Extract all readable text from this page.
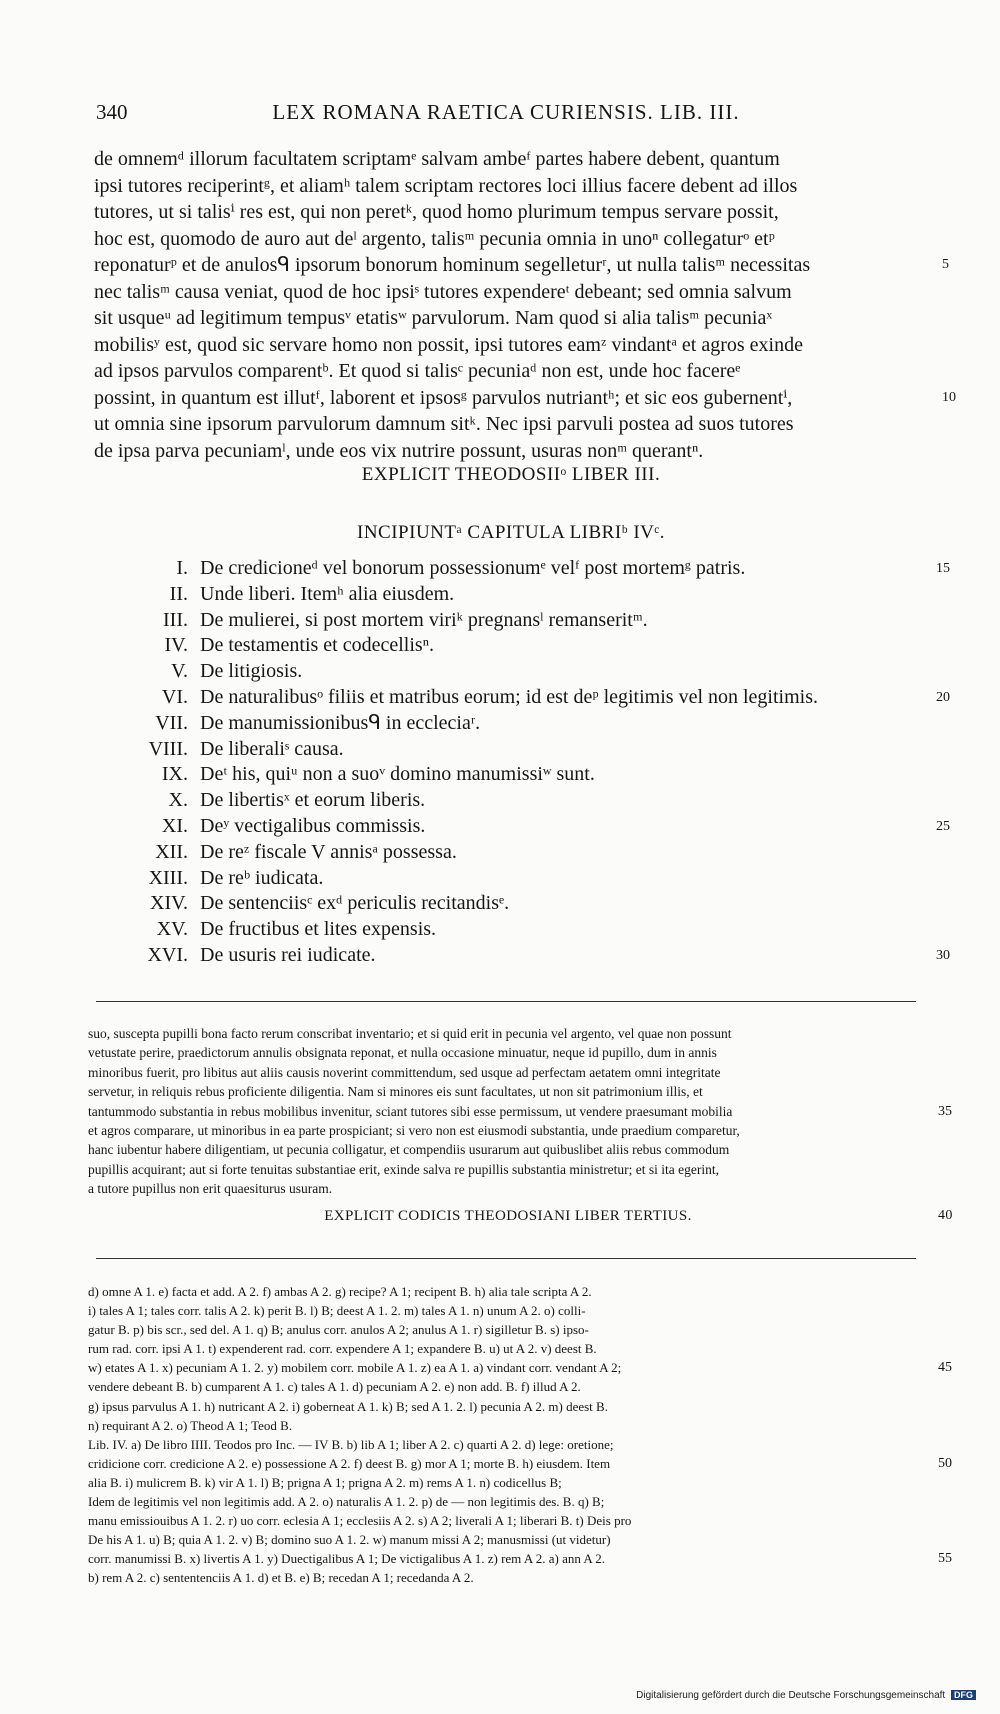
340	LEX ROMANA RAETICA CURIENSIS. LIB. III.
de omnemᵈ illorum facultatem scriptamᵉ salvam ambeᶠ partes habere debent, quantum
ipsi tutores reciperintᵍ, et aliamʰ talem scriptam rectores loci illius facere debent ad illos
tutores, ut si talisⁱ res est, qui non peretᵏ, quod homo plurimum tempus servare possit,
hoc est, quomodo de auro aut deˡ argento, talisᵐ pecunia omnia in unoⁿ collegaturᵒ etᵖ
reponaturᵖ et de anulosᑫ ipsorum bonorum hominum segelleturʳ, ut nulla talisᵐ necessitas	5
nec talisᵐ causa veniat, quod de hoc ipsiˢ tutores expendereᵗ debeant; sed omnia salvum
sit usqueᵘ ad legitimum tempusᵛ etatisʷ parvulorum. Nam quod si alia talisᵐ pecuniaˣ
mobilisʸ est, quod sic servare homo non possit, ipsi tutores eamᶻ vindantᵃ et agros exinde
ad ipsos parvulos comparentᵇ. Et quod si talisᶜ pecuniaᵈ non est, unde hoc facereᵉ
possint, in quantum est illutᶠ, laborent et ipsosᵍ parvulos nutriantʰ; et sic eos gubernentⁱ,	10
ut omnia sine ipsorum parvulorum damnum sitᵏ. Nec ipsi parvuli postea ad suos tutores
de ipsa parva pecuniamˡ, unde eos vix nutrire possunt, usuras nonᵐ querantⁿ.
EXPLICIT THEODOSIIᵒ LIBER III.
INCIPIUNTᵃ CAPITULA LIBRIᵇ IVᶜ.
I. De credicioneᵈ vel bonorum possessionumᵉ velᶠ post mortemᵍ patris.	15
II. Unde liberi. Itemʰ alia eiusdem.
III. De mulierei, si post mortem viriᵏ pregnansˡ remanseritᵐ.
IV. De testamentis et codecellisⁿ.
V. De litigiosis.
VI. De naturalibusᵒ filiis et matribus eorum; id est deᵖ legitimis vel non legitimis.	20
VII. De manumissionibusᑫ in eccleciaʳ.
VIII. De liberaliˢ causa.
IX. Deᵗ his, quiᵘ non a suoᵛ domino manumissiʷ sunt.
X. De libertisˣ et eorum liberis.
XI. Deʸ vectigalibus commissis.	25
XII. De reᶻ fiscale V annisᵃ possessa.
XIII. De reᵇ iudicata.
XIV. De sentenciisᶜ exᵈ periculis recitandisᵉ.
XV. De fructibus et lites expensis.
XVI. De usuris rei iudicate.	30
suo, suscepta pupilli bona facto rerum conscribat inventario; et si quid erit in pecunia vel argento, vel quae non possunt
vetustate perire, praedictorum annulis obsignata reponat, et nulla occasione minuatur, neque id pupillo, dum in annis
minoribus fuerit, pro libitus aut aliis causis noverint committendum, sed usque ad perfectam aetatem omni integritate
servetur, in reliquis rebus proficiente diligentia. Nam si minores eis sunt facultates, ut non sit patrimonium illis, et
tantummodo substantia in rebus mobilibus invenitur, sciant tutores sibi esse permissum, ut vendere praesumant mobilia	35
et agros comparare, ut minoribus in ea parte prospiciant; si vero non est eiusmodi substantia, unde praedium comparetur,
hanc iubentur habere diligentiam, ut pecunia colligatur, et compendiis usurarum aut quibuslibet aliis rebus commodum
pupillis acquirant; aut si forte tenuitas substantiae erit, exinde salva re pupillis substantia ministretur; et si ita egerint,
a tutore pupillus non erit quaesiturus usuram.
EXPLICIT CODICIS THEODOSIANI LIBER TERTIUS.	40
d) omne A 1. e) facta et add. A 2. f) ambas A 2. g) recipe? A 1; recipent B. h) alia tale scripta A 2.
i) tales A 1; tales corr. talis A 2. k) perit B. l) B; deest A 1. 2. m) tales A 1. n) unum A 2. o) colli-
gatur B. p) bis scr., sed del. A 1. q) B; anulus corr. anulos A 2; anulus A 1. r) sigilletur B. s) ipso-
rum rad. corr. ipsi A 1. t) expenderent rad. corr. expendere A 1; expandere B. u) ut A 2. v) deest B.
w) etates A 1. x) pecuniam A 1. 2. y) mobilem corr. mobile A 1. z) ea A 1. a) vindant corr. vendant A 2;	45
vendere debeant B. b) cumparent A 1. c) tales A 1. d) pecuniam A 2. e) non add. B. f) illud A 2.
g) ipsus parvulus A 1. h) nutricant A 2. i) goberneat A 1. k) B; sed A 1. 2. l) pecunia A 2. m) deest B.
n) requirant A 2. o) Theod A 1; Teod B.
Lib. IV. a) De libro IIII. Teodos pro Inc. — IV B. b) lib A 1; liber A 2. c) quarti A 2. d) lege: oretione;
cridicione corr. credicione A 2. e) possessione A 2. f) deest B. g) mor A 1; morte B. h) eiusdem. Item	50
alia B. i) mulicrem B. k) vir A 1. l) B; prigna A 1; prigna A 2. m) rems A 1. n) codicellus B;
Idem de legitimis vel non legitimis add. A 2. o) naturalis A 1. 2. p) de — non legitimis des. B. q) B;
manu emissiouibus A 1. 2. r) uo corr. eclesia A 1; ecclesiis A 2. s) A 2; liverali A 1; liberari B. t) Deis pro
De his A 1. u) B; quia A 1. 2. v) B; domino suo A 1. 2. w) manum missi A 2; manusmissi (ut videtur)
corr. manumissi B. x) livertis A 1. y) Duectigalibus A 1; De victigalibus A 1. z) rem A 2. a) ann A 2.	55
b) rem A 2. c) sententenciis A 1. d) et B. e) B; recedan A 1; recedanda A 2.
Digitalisierung gefördert durch die Deutsche Forschungsgemeinschaft DFG
